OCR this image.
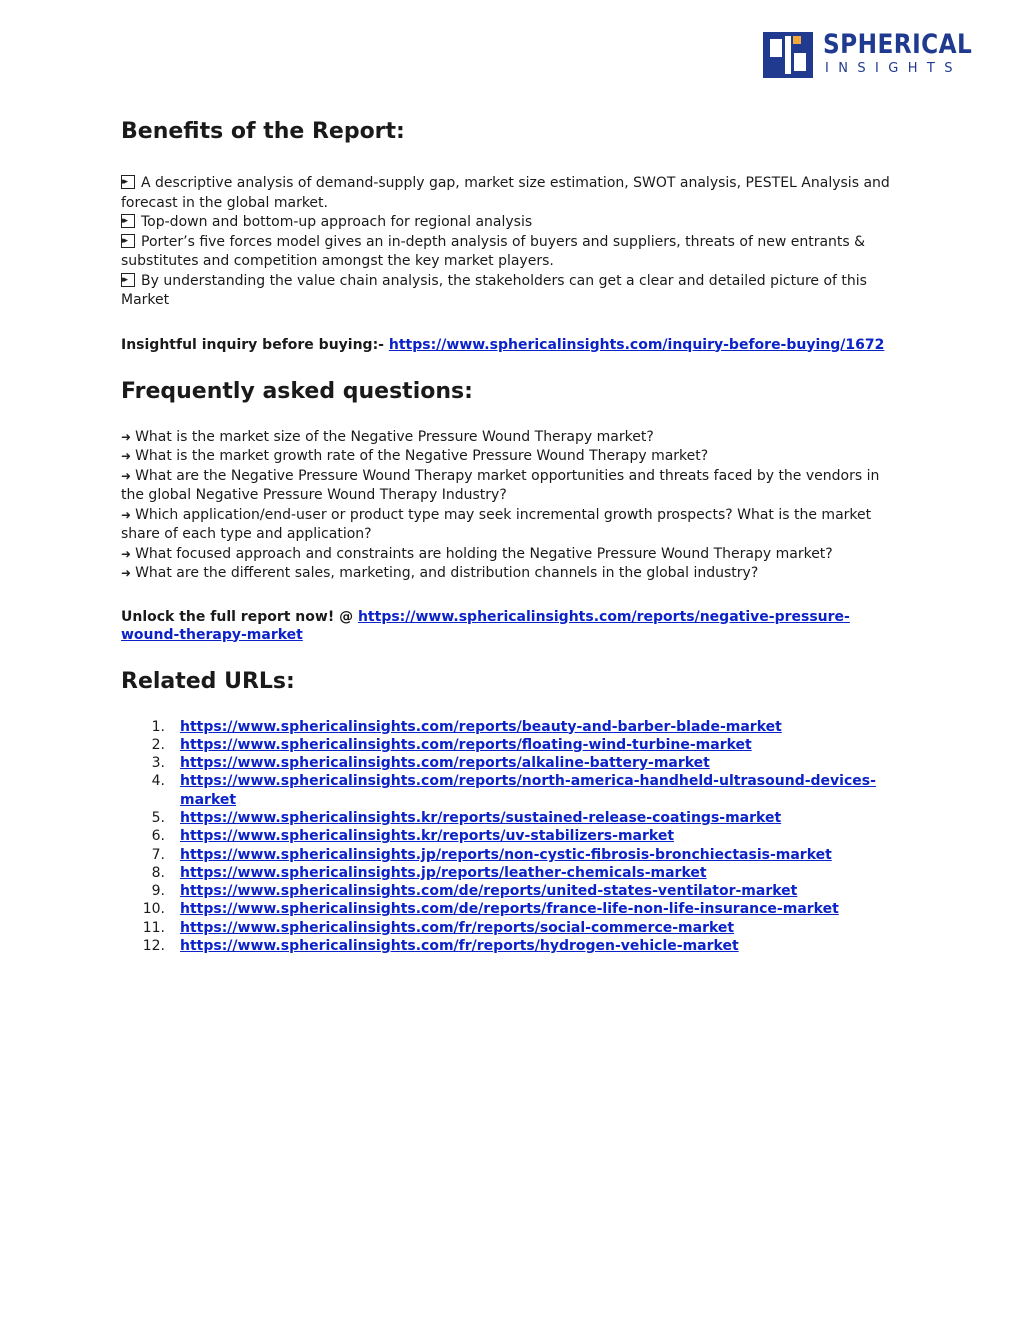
SPHERICAL
INSIGHTS
Benefits of the Report:

▸▸A descriptive analysis of demand-supply gap, market size estimation, SWOT analysis, PESTEL Analysis and forecast in the global market.

▸▸Top-down and bottom-up approach for regional analysis

▸▸Porter’s five forces model gives an in-depth analysis of buyers and suppliers, threats of new entrants & substitutes and competition amongst the key market players.

▸▸By understanding the value chain analysis, the stakeholders can get a clear and detailed picture of this Market

Insightful inquiry before buying:- https://www.sphericalinsights.com/inquiry-before-buying/1672

Frequently asked questions:

➜ What is the market size of the Negative Pressure Wound Therapy market?

➜ What is the market growth rate of the Negative Pressure Wound Therapy market?

➜ What are the Negative Pressure Wound Therapy market opportunities and threats faced by the vendors in the global Negative Pressure Wound Therapy Industry?

➜ Which application/end-user or product type may seek incremental growth prospects? What is the market share of each type and application?

➜ What focused approach and constraints are holding the Negative Pressure Wound Therapy market?

➜ What are the different sales, marketing, and distribution channels in the global industry?

Unlock the full report now! @ https://www.sphericalinsights.com/reports/negative-pressure-wound-therapy-market

Related URLs:
1. https://www.sphericalinsights.com/reports/beauty-and-barber-blade-market
2. https://www.sphericalinsights.com/reports/floating-wind-turbine-market
3. https://www.sphericalinsights.com/reports/alkaline-battery-market
4. https://www.sphericalinsights.com/reports/north-america-handheld-ultrasound-devices-market
5. https://www.sphericalinsights.kr/reports/sustained-release-coatings-market
6. https://www.sphericalinsights.kr/reports/uv-stabilizers-market
7. https://www.sphericalinsights.jp/reports/non-cystic-fibrosis-bronchiectasis-market
8. https://www.sphericalinsights.jp/reports/leather-chemicals-market
9. https://www.sphericalinsights.com/de/reports/united-states-ventilator-market
10. https://www.sphericalinsights.com/de/reports/france-life-non-life-insurance-market
11. https://www.sphericalinsights.com/fr/reports/social-commerce-market
12. https://www.sphericalinsights.com/fr/reports/hydrogen-vehicle-market
